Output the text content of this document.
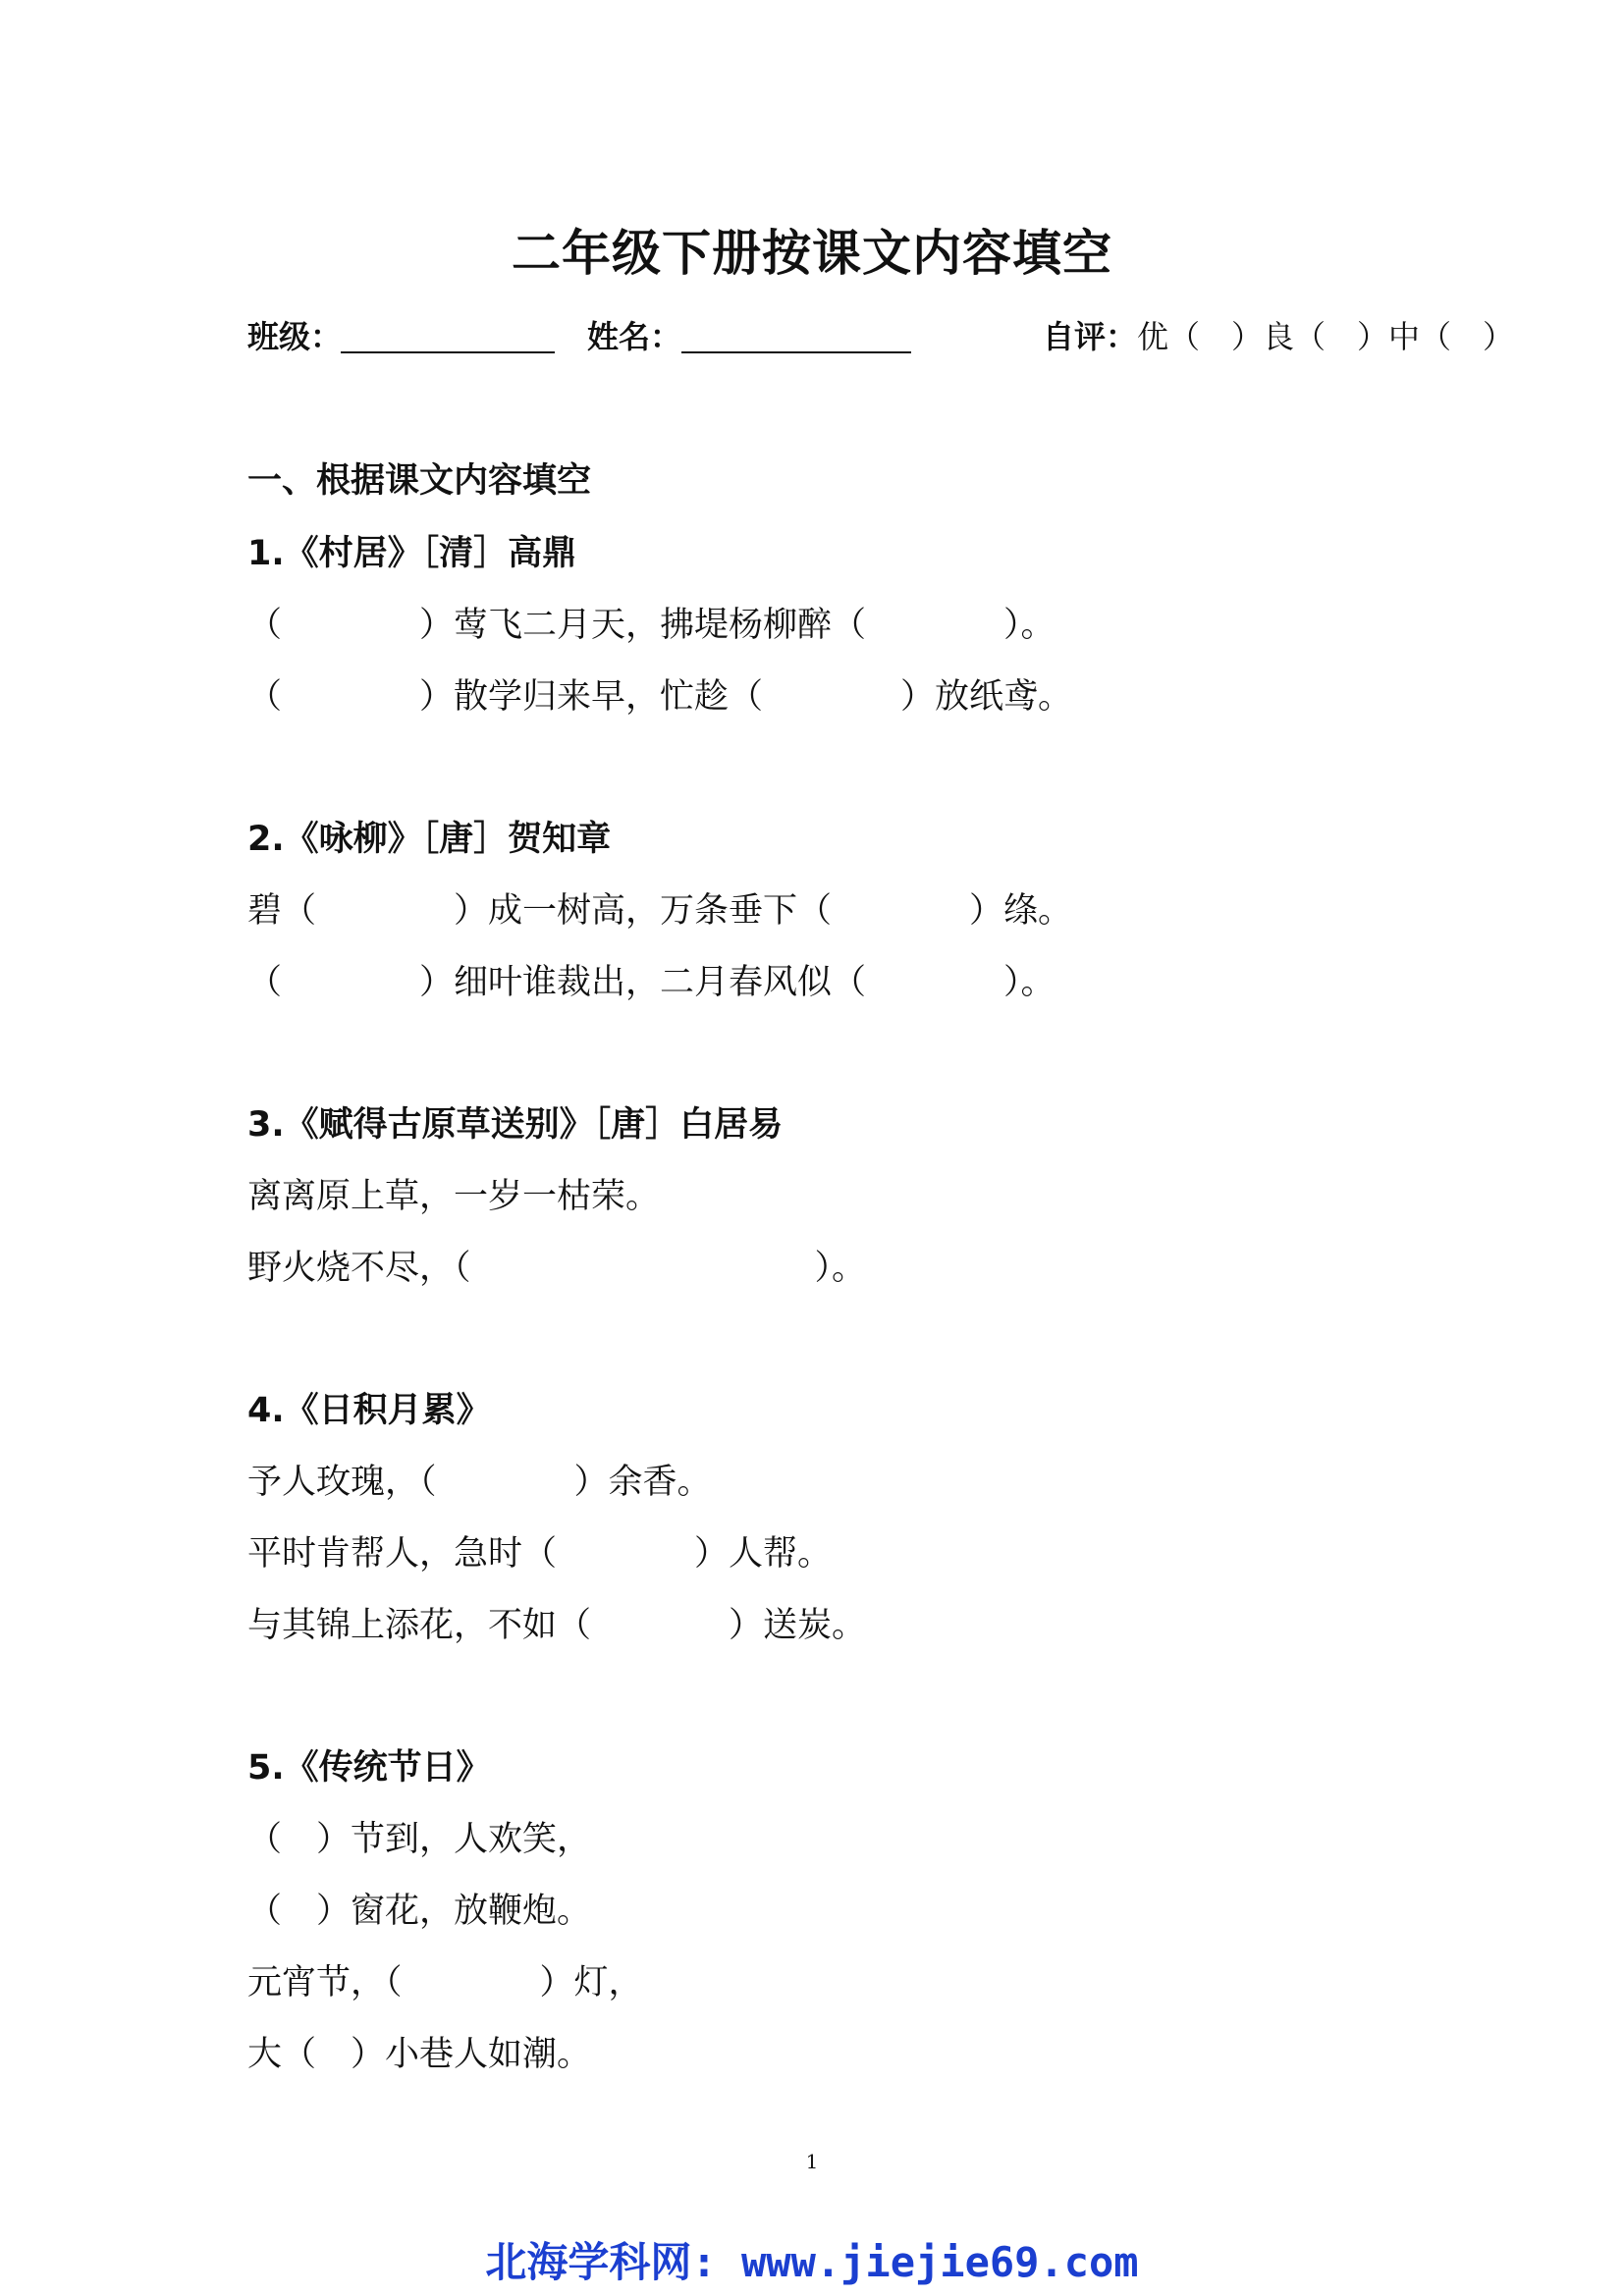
二年级下册按课文内容填空
班级：	姓名：	自评：优（　）良（　）中（　）
一、根据课文内容填空
1.《村居》［清］高鼎
（　　　　）莺飞二月天，拂堤杨柳醉（　　　　）。
（　　　　）散学归来早，忙趁（　　　　）放纸鸢。
2.《咏柳》［唐］贺知章
碧（　　　　）成一树高，万条垂下（　　　　）绦。
（　　　　）细叶谁裁出，二月春风似（　　　　）。
3.《赋得古原草送别》［唐］白居易
离离原上草，一岁一枯荣。
野火烧不尽，（　　　　　　　　　　）。
4.《日积月累》
予人玫瑰，（　　　　）余香。
平时肯帮人，急时（　　　　）人帮。
与其锦上添花，不如（　　　　）送炭。
5.《传统节日》
（　）节到，人欢笑，
（　）窗花，放鞭炮。
元宵节，（　　　　）灯，
大（　）小巷人如潮。
1
北海学科网: www.jiejie69.com
